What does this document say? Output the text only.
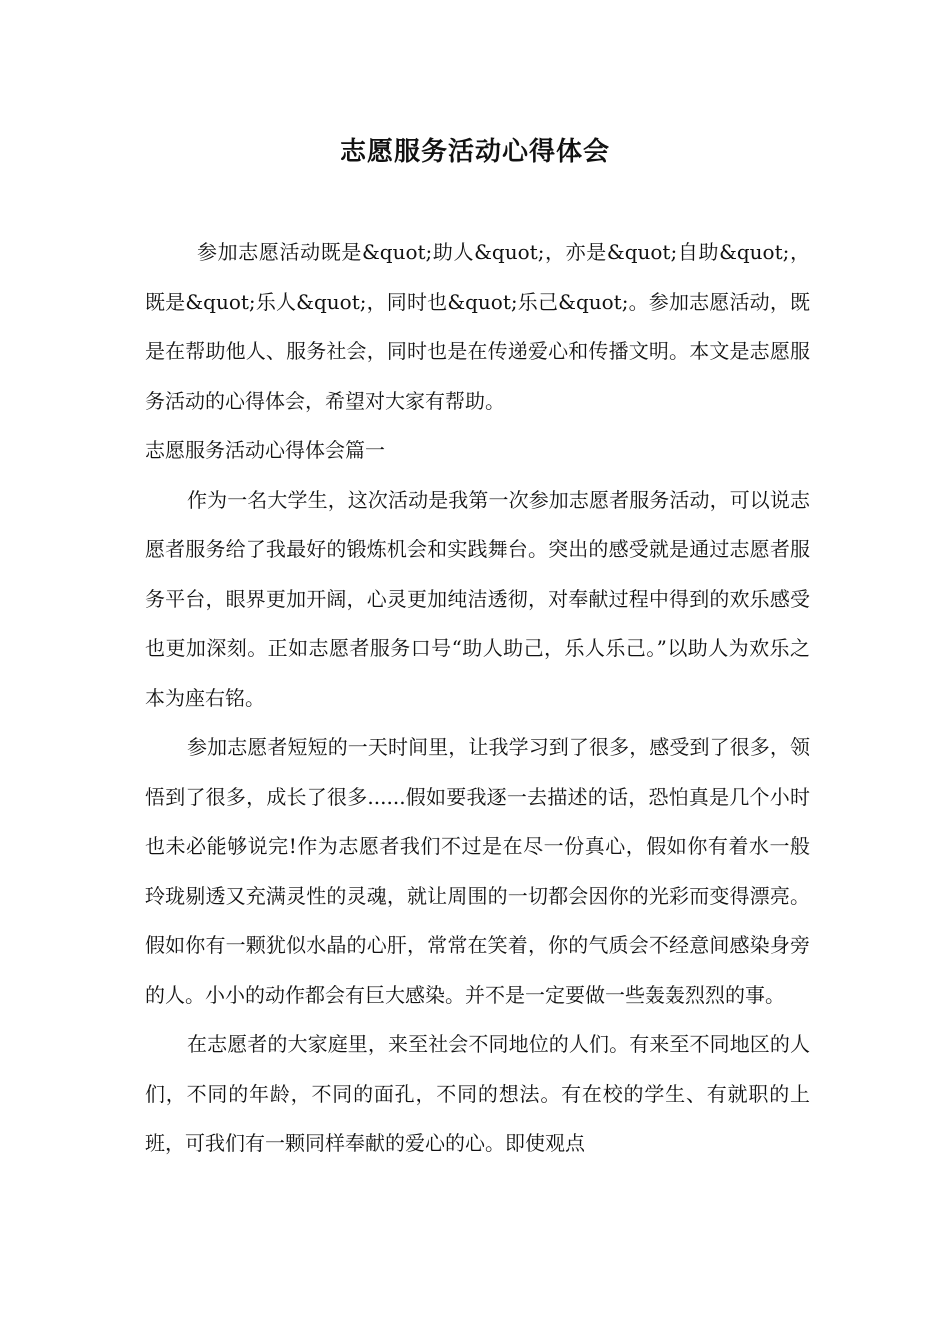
志愿服务活动心得体会

参加志愿活动既是&quot;助人&quot;，亦是&quot;自助&quot;，既是&quot;乐人&quot;，同时也&quot;乐己&quot;。参加志愿活动，既是在帮助他人、服务社会，同时也是在传递爱心和传播文明。本文是志愿服务活动的心得体会，希望对大家有帮助。

志愿服务活动心得体会篇一

作为一名大学生，这次活动是我第一次参加志愿者服务活动，可以说志愿者服务给了我最好的锻炼机会和实践舞台。突出的感受就是通过志愿者服务平台，眼界更加开阔，心灵更加纯洁透彻，对奉献过程中得到的欢乐感受也更加深刻。正如志愿者服务口号“助人助己，乐人乐己。”以助人为欢乐之本为座右铭。

参加志愿者短短的一天时间里，让我学习到了很多，感受到了很多，领悟到了很多，成长了很多......假如要我逐一去描述的话，恐怕真是几个小时也未必能够说完!作为志愿者我们不过是在尽一份真心，假如你有着水一般玲珑剔透又充满灵性的灵魂，就让周围的一切都会因你的光彩而变得漂亮。假如你有一颗犹似水晶的心肝，常常在笑着，你的气质会不经意间感染身旁的人。小小的动作都会有巨大感染。并不是一定要做一些轰轰烈烈的事。

在志愿者的大家庭里，来至社会不同地位的人们。有来至不同地区的人们，不同的年龄，不同的面孔，不同的想法。有在校的学生、有就职的上班，可我们有一颗同样奉献的爱心的心。即使观点
